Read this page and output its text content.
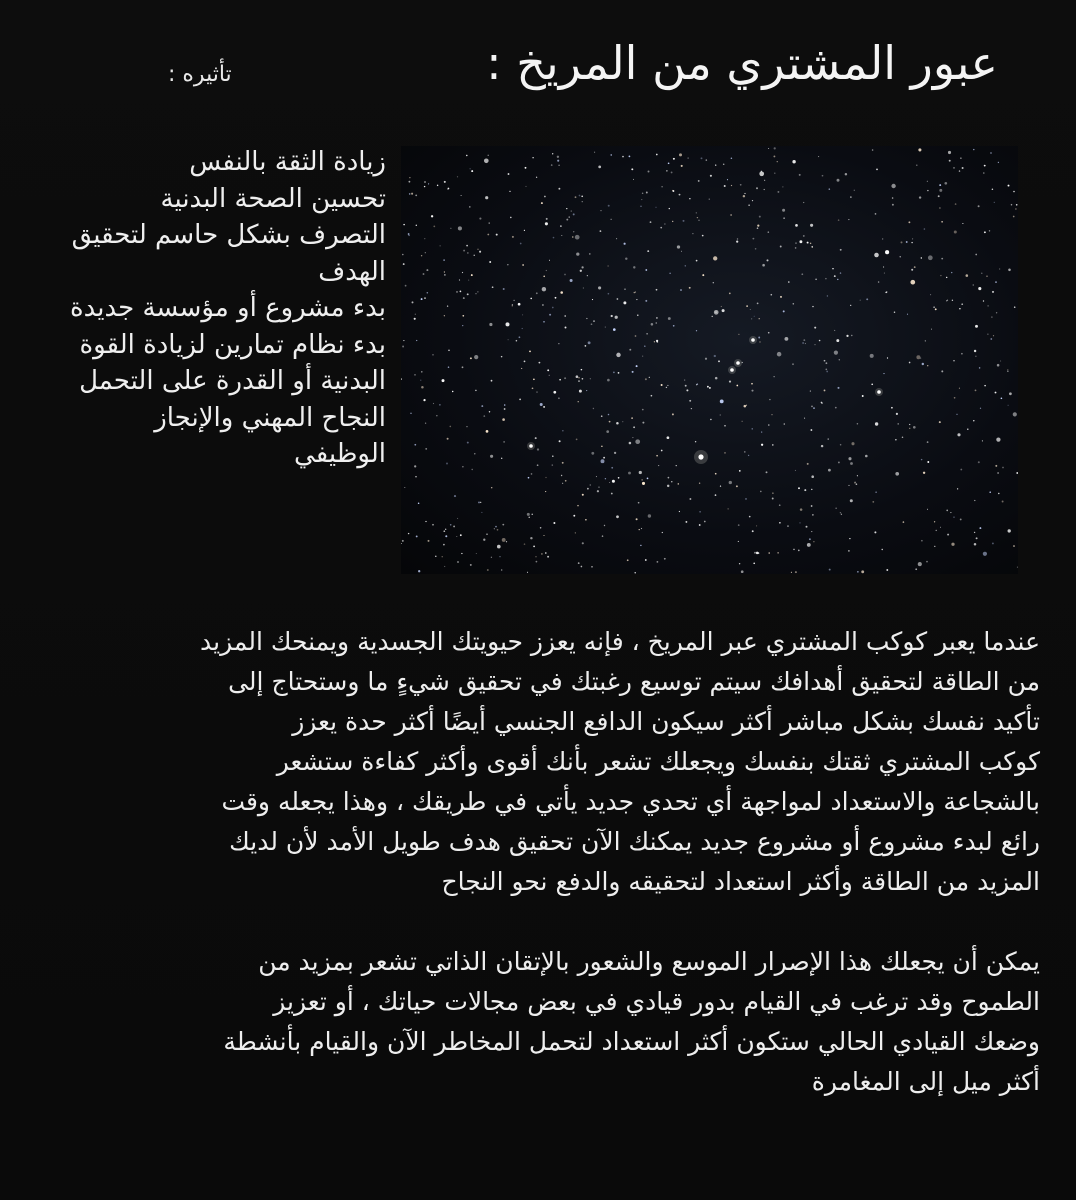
عبور المشتري من المريخ :
تأثيره :
زيادة الثقة بالنفس
تحسين الصحة البدنية
التصرف بشكل حاسم لتحقيق
الهدف
بدء مشروع أو مؤسسة جديدة
بدء نظام تمارين لزيادة القوة
البدنية أو القدرة على التحمل
النجاح المهني والإنجاز
الوظيفي

عندما يعبر كوكب المشتري عبر المريخ ، فإنه يعزز حيويتك الجسدية ويمنحك المزيد
من الطاقة لتحقيق أهدافك سيتم توسيع رغبتك في تحقيق شيءٍ ما وستحتاج إلى
تأكيد نفسك بشكل مباشر أكثر سيكون الدافع الجنسي أيضًا أكثر حدة يعزز
كوكب المشتري ثقتك بنفسك ويجعلك تشعر بأنك أقوى وأكثر كفاءة ستشعر
بالشجاعة والاستعداد لمواجهة أي تحدي جديد يأتي في طريقك ، وهذا يجعله وقت
رائع لبدء مشروع أو مشروع جديد يمكنك الآن تحقيق هدف طويل الأمد لأن لديك
المزيد من الطاقة وأكثر استعداد لتحقيقه والدفع نحو النجاح

يمكن أن يجعلك هذا الإصرار الموسع والشعور بالإتقان الذاتي تشعر بمزيد من
الطموح وقد ترغب في القيام بدور قيادي في بعض مجالات حياتك ، أو تعزيز
وضعك القيادي الحالي ستكون أكثر استعداد لتحمل المخاطر الآن والقيام بأنشطة
أكثر ميل إلى المغامرة
